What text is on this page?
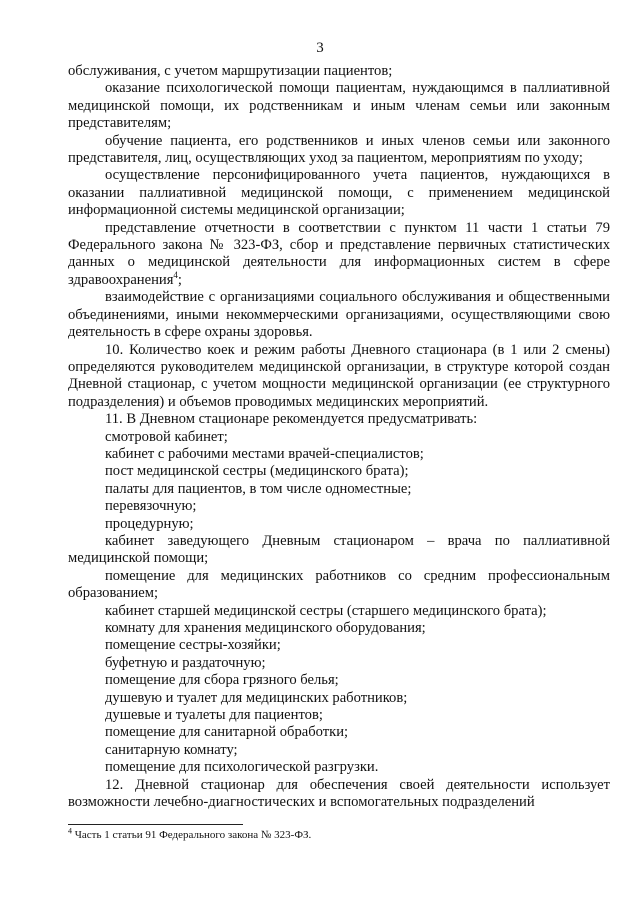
3

обслуживания, с учетом маршрутизации пациентов;

оказание психологической помощи пациентам, нуждающимся в паллиативной медицинской помощи, их родственникам и иным членам семьи или законным представителям;

обучение пациента, его родственников и иных членов семьи или законного представителя, лиц, осуществляющих уход за пациентом, мероприятиям по уходу;

осуществление персонифицированного учета пациентов, нуждающихся в оказании паллиативной медицинской помощи, с применением медицинской информационной системы медицинской организации;

представление отчетности в соответствии с пунктом 11 части 1 статьи 79 Федерального закона № 323-ФЗ, сбор и представление первичных статистических данных о медицинской деятельности для информационных систем в сфере здравоохранения$^4$;

взаимодействие с организациями социального обслуживания и общественными объединениями, иными некоммерческими организациями, осуществляющими свою деятельность в сфере охраны здоровья.

10. Количество коек и режим работы Дневного стационара (в 1 или 2 смены) определяются руководителем медицинской организации, в структуре которой создан Дневной стационар, с учетом мощности медицинской организации (ее структурного подразделения) и объемов проводимых медицинских мероприятий.

11. В Дневном стационаре рекомендуется предусматривать:

смотровой кабинет;

кабинет с рабочими местами врачей-специалистов;

пост медицинской сестры (медицинского брата);

палаты для пациентов, в том числе одноместные;

перевязочную;

процедурную;

кабинет заведующего Дневным стационаром – врача по паллиативной медицинской помощи;

помещение для медицинских работников со средним профессиональным образованием;

кабинет старшей медицинской сестры (старшего медицинского брата);

комнату для хранения медицинского оборудования;

помещение сестры-хозяйки;

буфетную и раздаточную;

помещение для сбора грязного белья;

душевую и туалет для медицинских работников;

душевые и туалеты для пациентов;

помещение для санитарной обработки;

санитарную комнату;

помещение для психологической разгрузки.

12. Дневной стационар для обеспечения своей деятельности использует возможности лечебно-диагностических и вспомогательных подразделений

$^4$ Часть 1 статьи 91 Федерального закона № 323-ФЗ.
